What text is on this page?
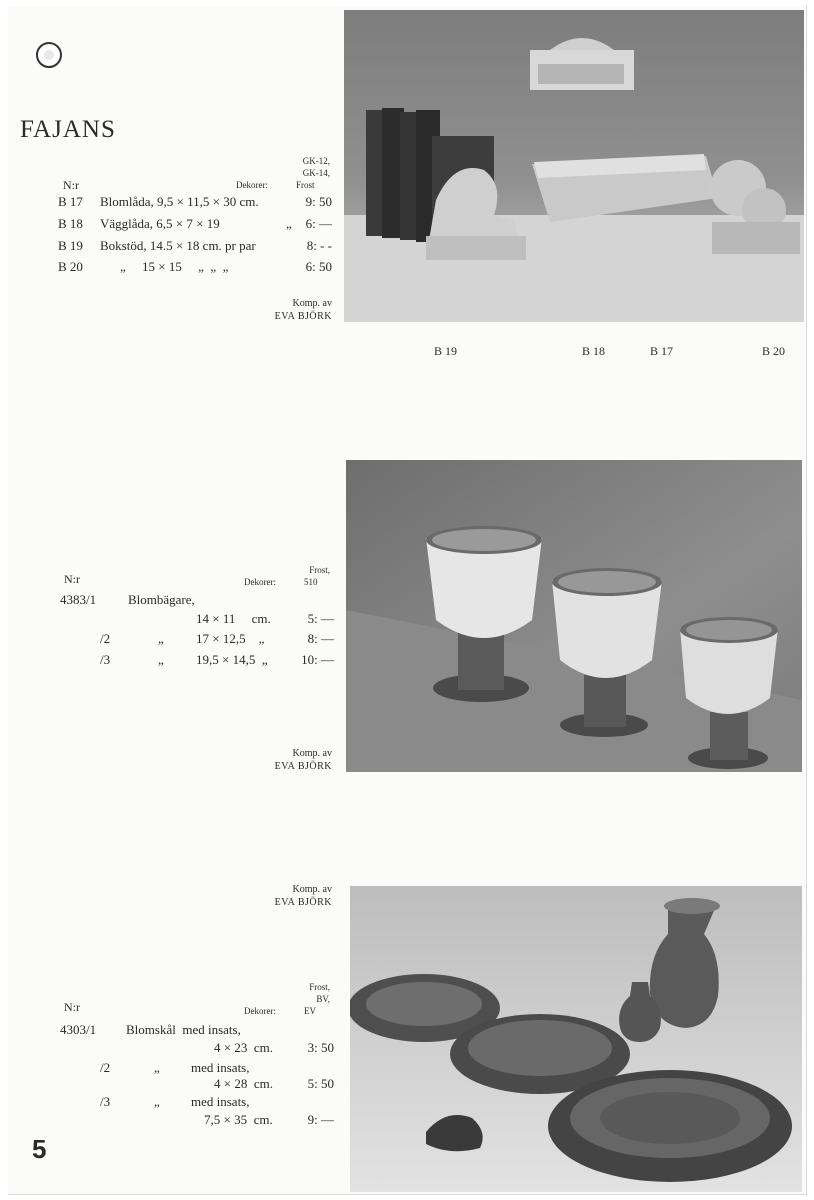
FAJANS
GK-12,
GK-14,
N:r	Dekorer:	Frost
B 17 Blomlåda, 9,5 × 11,5 × 30 cm.	9: 50
B 18 Vägglåda, 6,5 × 7 × 19	„	6: —
B 19 Bokstöd, 14.5 × 18 cm. pr par	8: - -
B 20	„     15 × 15     „  „  „	6: 50
Komp. av
EVA BJÖRK
B 19	B 18	B 17	B 20
Frost,
N:r	Dekorer:	510
4383/1 Blombägare,
14 × 11     cm.	5: —
/2	„ 17 × 12,5    „	8: —
/3	„ 19,5 × 14,5  „	10: —
Komp. av
EVA BJÖRK
Komp. av
EVA BJÖRK
Frost,
BV,
N:r	Dekorer:	EV
4303/1 Blomskål  med insats,
4 × 23  cm.	3: 50
/2	„ med insats,
4 × 28  cm.	5: 50
/3	„ med insats,
7,5 × 35  cm.	9: —
5
